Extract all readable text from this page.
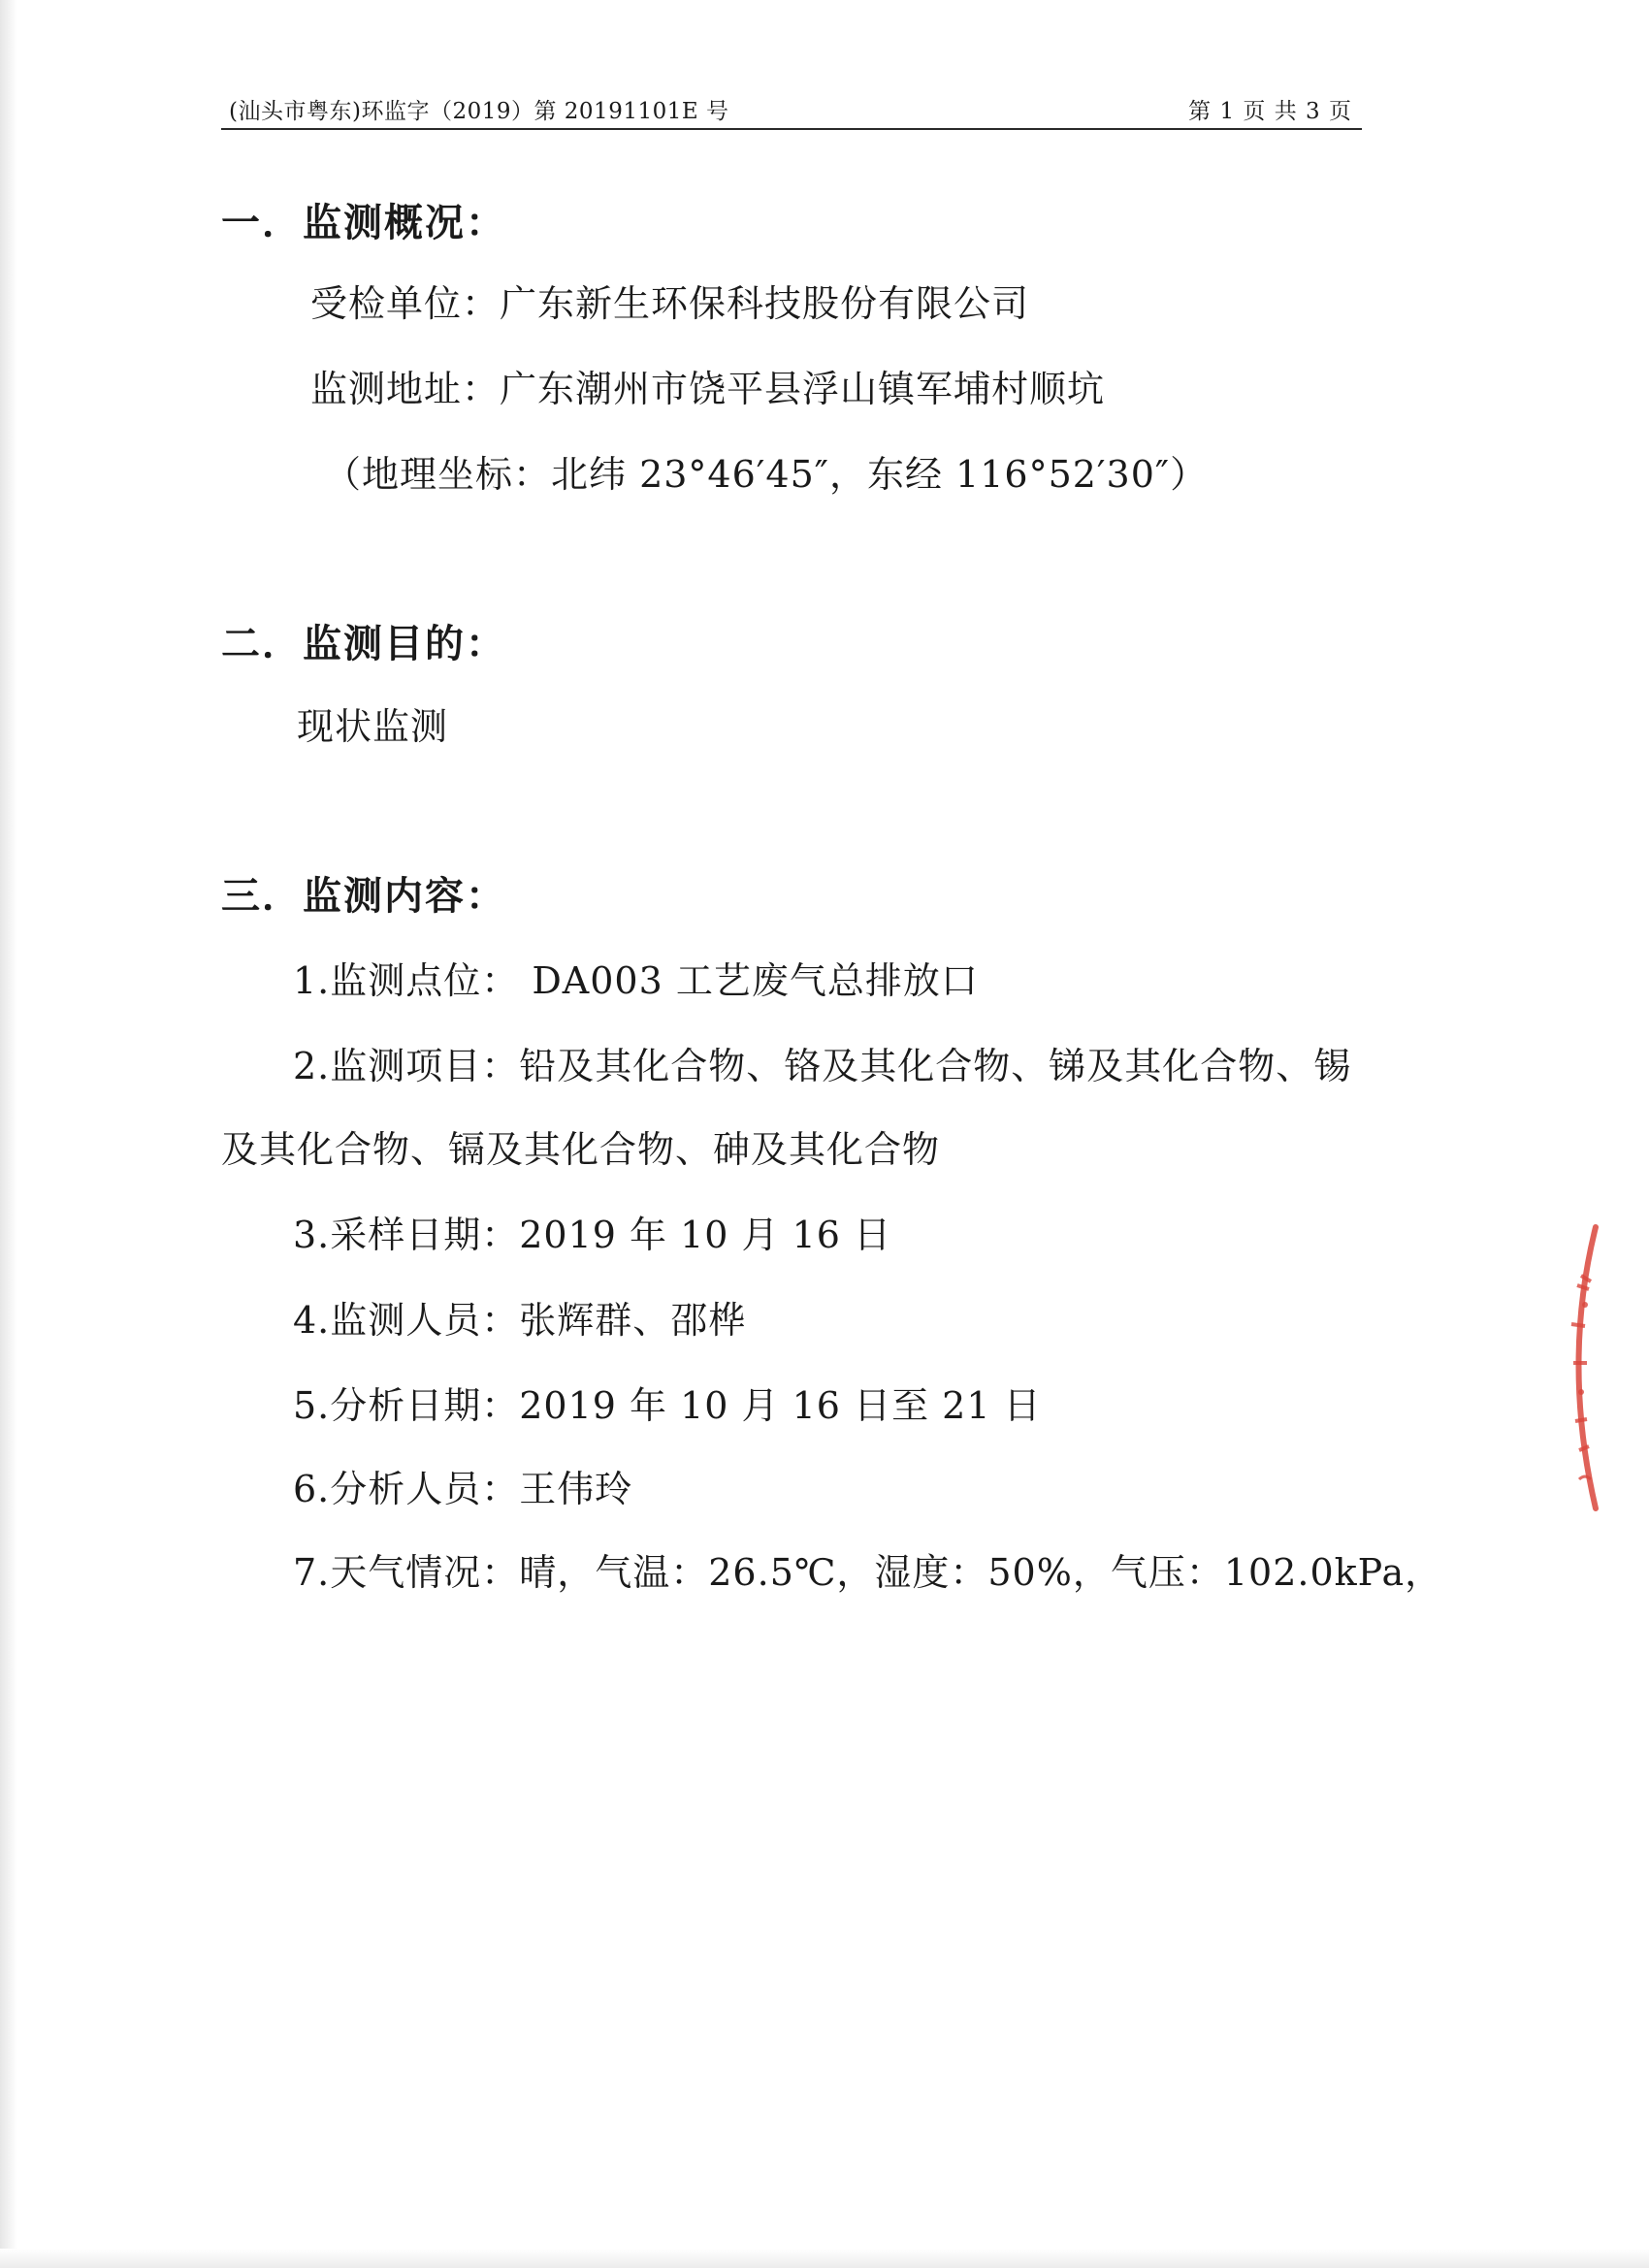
(汕头市粤东)环监字（2019）第 20191101E 号	第 1 页 共 3 页
一．监测概况：
受检单位：广东新生环保科技股份有限公司
监测地址：广东潮州市饶平县浮山镇军埔村顺坑
（地理坐标：北纬 23°46′45″，东经 116°52′30″）
二．监测目的：
现状监测
三．监测内容：
1.监测点位： DA003 工艺废气总排放口
2.监测项目：铅及其化合物、铬及其化合物、锑及其化合物、锡
及其化合物、镉及其化合物、砷及其化合物
3.采样日期：2019 年 10 月 16 日
4.监测人员：张辉群、邵桦
5.分析日期：2019 年 10 月 16 日至 21 日
6.分析人员：王伟玲
7.天气情况：晴，气温：26.5℃，湿度：50%，气压：102.0kPa，
